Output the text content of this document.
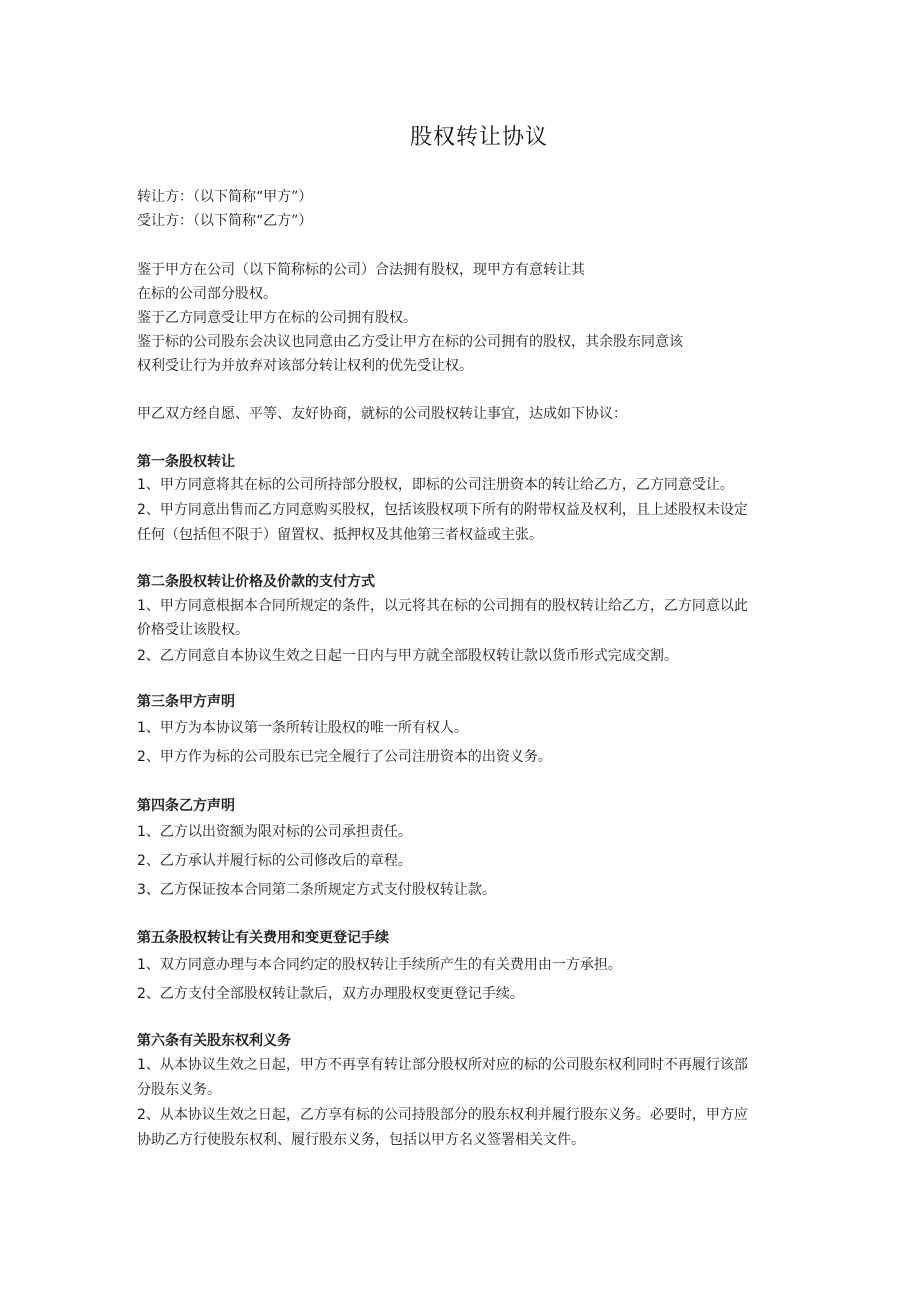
股权转让协议
转让方：（以下简称“甲方”）
受让方：（以下简称“乙方”）
鉴于甲方在公司（以下简称标的公司）合法拥有股权，现甲方有意转让其
在标的公司部分股权。
鉴于乙方同意受让甲方在标的公司拥有股权。
鉴于标的公司股东会决议也同意由乙方受让甲方在标的公司拥有的股权，其余股东同意该
权利受让行为并放弃对该部分转让权利的优先受让权。
甲乙双方经自愿、平等、友好协商，就标的公司股权转让事宜，达成如下协议：
第一条股权转让
1、甲方同意将其在标的公司所持部分股权，即标的公司注册资本的转让给乙方，乙方同意受让。
2、甲方同意出售而乙方同意购买股权，包括该股权项下所有的附带权益及权利，且上述股权未设定
任何（包括但不限于）留置权、抵押权及其他第三者权益或主张。
第二条股权转让价格及价款的支付方式
1、甲方同意根据本合同所规定的条件，以元将其在标的公司拥有的股权转让给乙方，乙方同意以此
价格受让该股权。
2、乙方同意自本协议生效之日起一日内与甲方就全部股权转让款以货币形式完成交割。
第三条甲方声明
1、甲方为本协议第一条所转让股权的唯一所有权人。
2、甲方作为标的公司股东已完全履行了公司注册资本的出资义务。
第四条乙方声明
1、乙方以出资额为限对标的公司承担责任。
2、乙方承认并履行标的公司修改后的章程。
3、乙方保证按本合同第二条所规定方式支付股权转让款。
第五条股权转让有关费用和变更登记手续
1、双方同意办理与本合同约定的股权转让手续所产生的有关费用由一方承担。
2、乙方支付全部股权转让款后，双方办理股权变更登记手续。
第六条有关股东权利义务
1、从本协议生效之日起，甲方不再享有转让部分股权所对应的标的公司股东权利同时不再履行该部
分股东义务。
2、从本协议生效之日起，乙方享有标的公司持股部分的股东权利并履行股东义务。必要时，甲方应
协助乙方行使股东权利、履行股东义务，包括以甲方名义签署相关文件。
